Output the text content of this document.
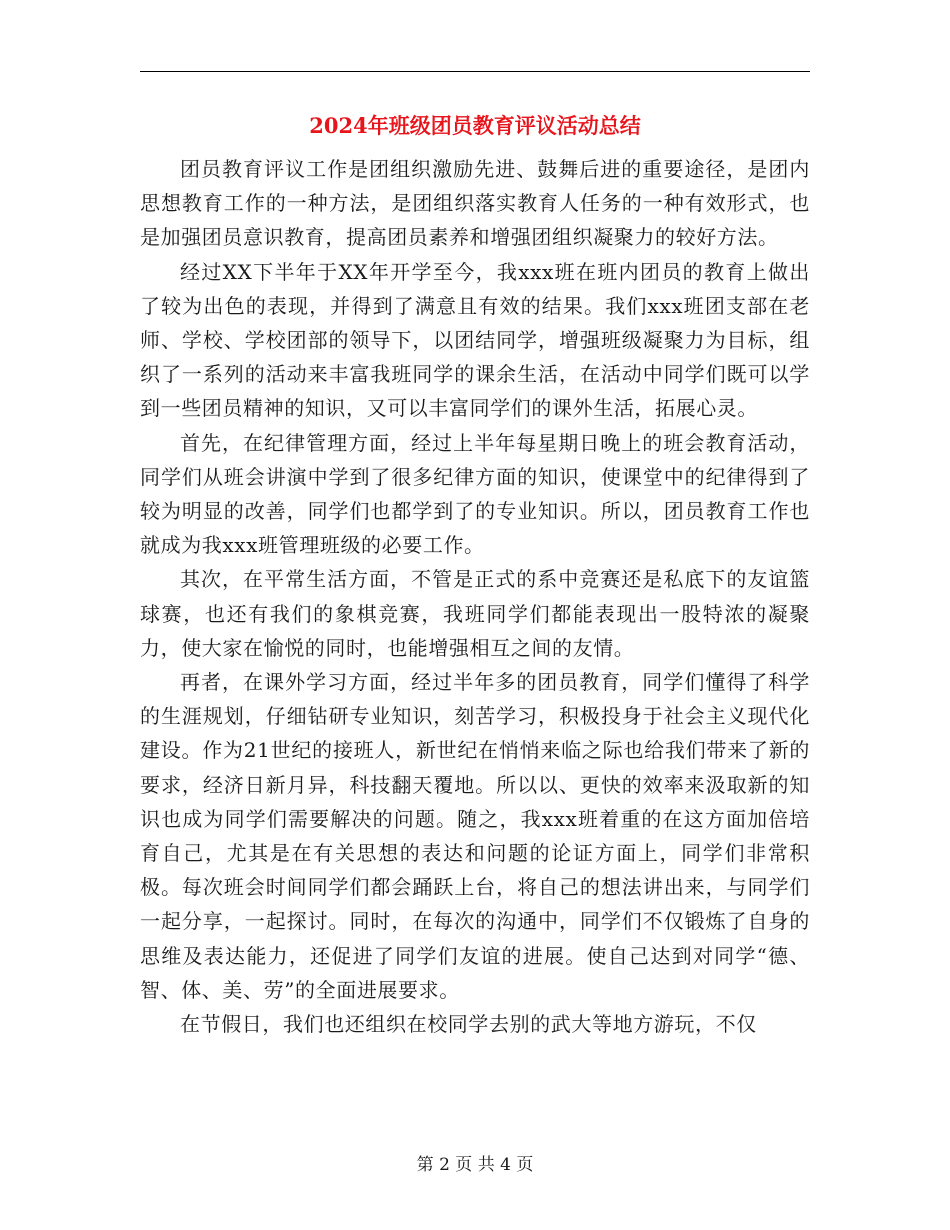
2024年班级团员教育评议活动总结

团员教育评议工作是团组织激励先进、鼓舞后进的重要途径，是团内思想教育工作的一种方法，是团组织落实教育人任务的一种有效形式，也是加强团员意识教育，提高团员素养和增强团组织凝聚力的较好方法。

经过XX下半年于XX年开学至今，我xxx班在班内团员的教育上做出了较为出色的表现，并得到了满意且有效的结果。我们xxx班团支部在老师、学校、学校团部的领导下，以团结同学，增强班级凝聚力为目标，组织了一系列的活动来丰富我班同学的课余生活，在活动中同学们既可以学到一些团员精神的知识，又可以丰富同学们的课外生活，拓展心灵。

首先，在纪律管理方面，经过上半年每星期日晚上的班会教育活动，同学们从班会讲演中学到了很多纪律方面的知识，使课堂中的纪律得到了较为明显的改善，同学们也都学到了的专业知识。所以，团员教育工作也就成为我xxx班管理班级的必要工作。

其次，在平常生活方面，不管是正式的系中竞赛还是私底下的友谊篮球赛，也还有我们的象棋竞赛，我班同学们都能表现出一股特浓的凝聚力，使大家在愉悦的同时，也能增强相互之间的友情。

再者，在课外学习方面，经过半年多的团员教育，同学们懂得了科学的生涯规划，仔细钻研专业知识，刻苦学习，积极投身于社会主义现代化建设。作为21世纪的接班人，新世纪在悄悄来临之际也给我们带来了新的要求，经济日新月异，科技翻天覆地。所以以、更快的效率来汲取新的知识也成为同学们需要解决的问题。随之，我xxx班着重的在这方面加倍培育自己，尤其是在有关思想的表达和问题的论证方面上，同学们非常积极。每次班会时间同学们都会踊跃上台，将自己的想法讲出来，与同学们一起分享，一起探讨。同时，在每次的沟通中，同学们不仅锻炼了自身的思维及表达能力，还促进了同学们友谊的进展。使自己达到对同学“德、智、体、美、劳”的全面进展要求。

在节假日，我们也还组织在校同学去别的武大等地方游玩，不仅

第 2 页 共 4 页
